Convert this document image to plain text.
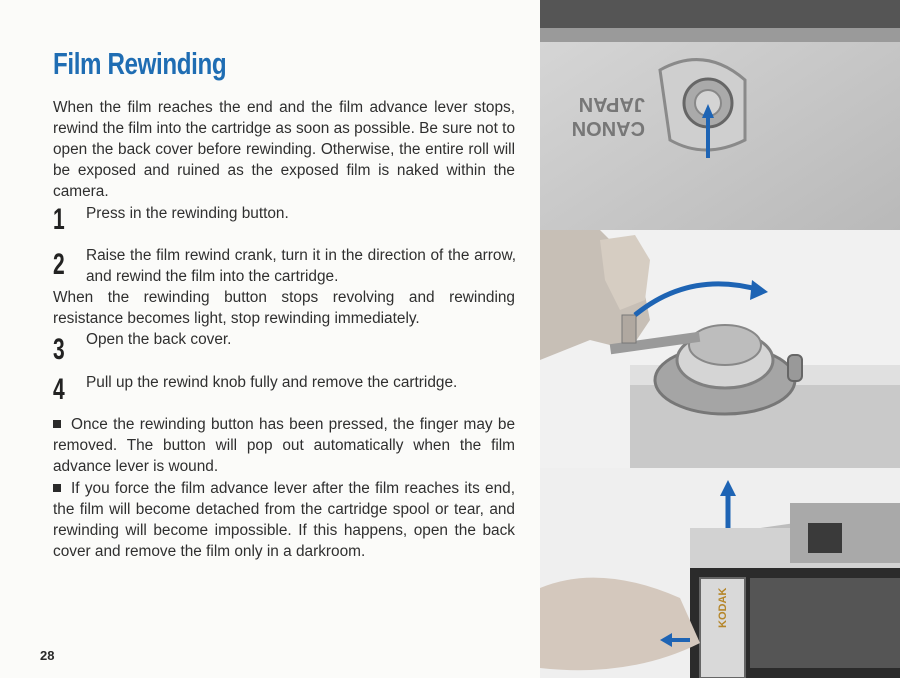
Film Rewinding

When the film reaches the end and the film advance lever stops, rewind the film into the cartridge as soon as possible. Be sure not to open the back cover before rewinding. Otherwise, the entire roll will be exposed and ruined as the exposed film is naked within the camera.

1 Press in the rewinding button.

2 Raise the film rewind crank, turn it in the direction of the arrow, and rewind the film into the cartridge.

When the rewinding button stops revolving and rewinding resistance becomes light, stop rewinding immediately.

3 Open the back cover.

4 Pull up the rewind knob fully and remove the cartridge.

Once the rewinding button has been pressed, the finger may be removed. The button will pop out automatically when the film advance lever is wound.

If you force the film advance lever after the film reaches its end, the film will become detached from the cartridge spool or tear, and rewinding will become impossible. If this happens, open the back cover and remove the film only in a darkroom.

28
CANON
JAPAN
KODAK
